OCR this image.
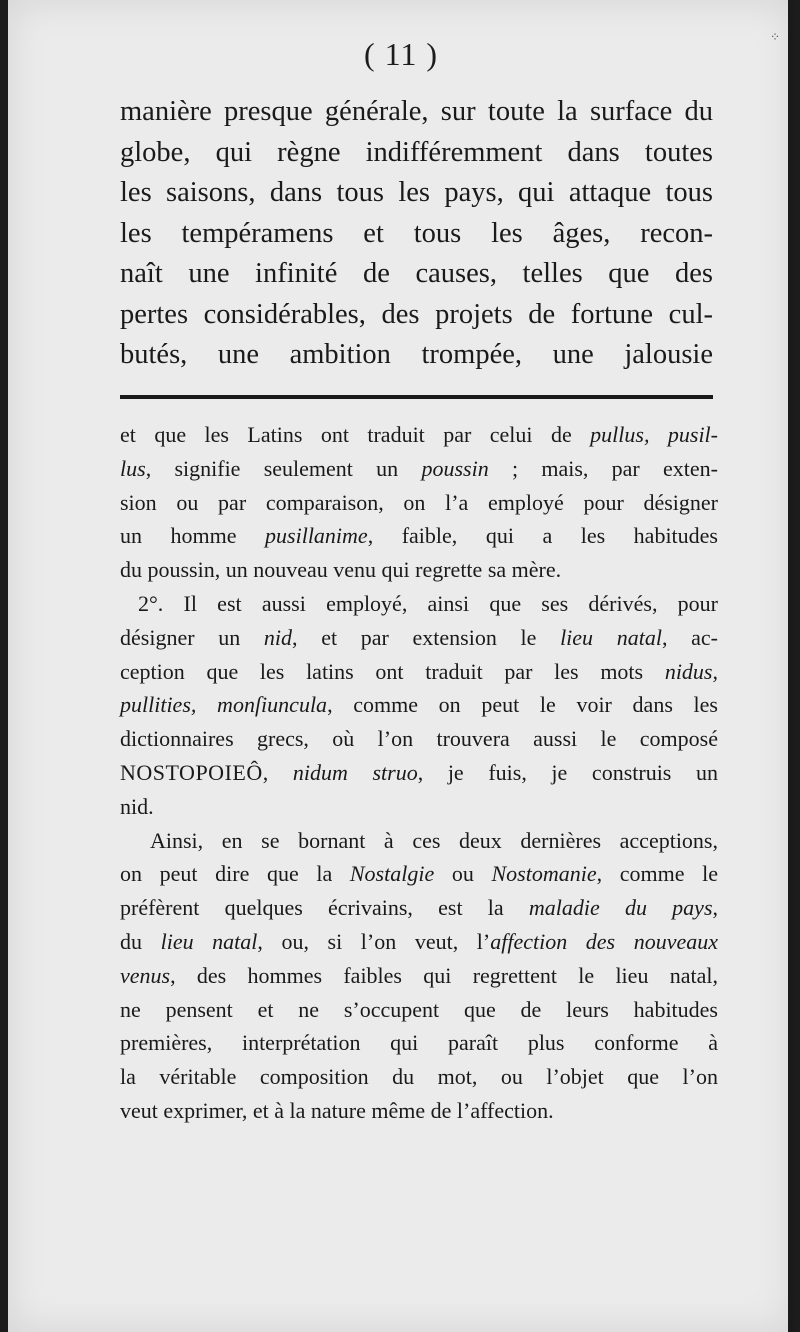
⁘
( 11 )
manière presque générale, sur toute la surface du
globe, qui règne indifféremment dans toutes
les saisons, dans tous les pays, qui attaque tous
les tempéramens et tous les âges, recon-
naît une infinité de causes, telles que des
pertes considérables, des projets de fortune cul-
butés, une ambition trompée, une jalousie
et que les Latins ont traduit par celui de pullus, pusil-
lus, signifie seulement un poussin ; mais, par exten-
sion ou par comparaison, on l’a employé pour désigner
un homme pusillanime, faible, qui a les habitudes
du poussin, un nouveau venu qui regrette sa mère.
2°. Il est aussi employé, ainsi que ses dérivés, pour
désigner un nid, et par extension le lieu natal, ac-
ception que les latins ont traduit par les mots nidus,
pullities, monſiuncula, comme on peut le voir dans les
dictionnaires grecs, où l’on trouvera aussi le composé
NOSTOPOIEÔ, nidum struo, je fuis, je construis un
nid.
Ainsi, en se bornant à ces deux dernières acceptions,
on peut dire que la Nostalgie ou Nostomanie, comme le
préfèrent quelques écrivains, est la maladie du pays,
du lieu natal, ou, si l’on veut, l’affection des nouveaux
venus, des hommes faibles qui regrettent le lieu natal,
ne pensent et ne s’occupent que de leurs habitudes
premières, interprétation qui paraît plus conforme à
la véritable composition du mot, ou l’objet que l’on
veut exprimer, et à la nature même de l’affection.
